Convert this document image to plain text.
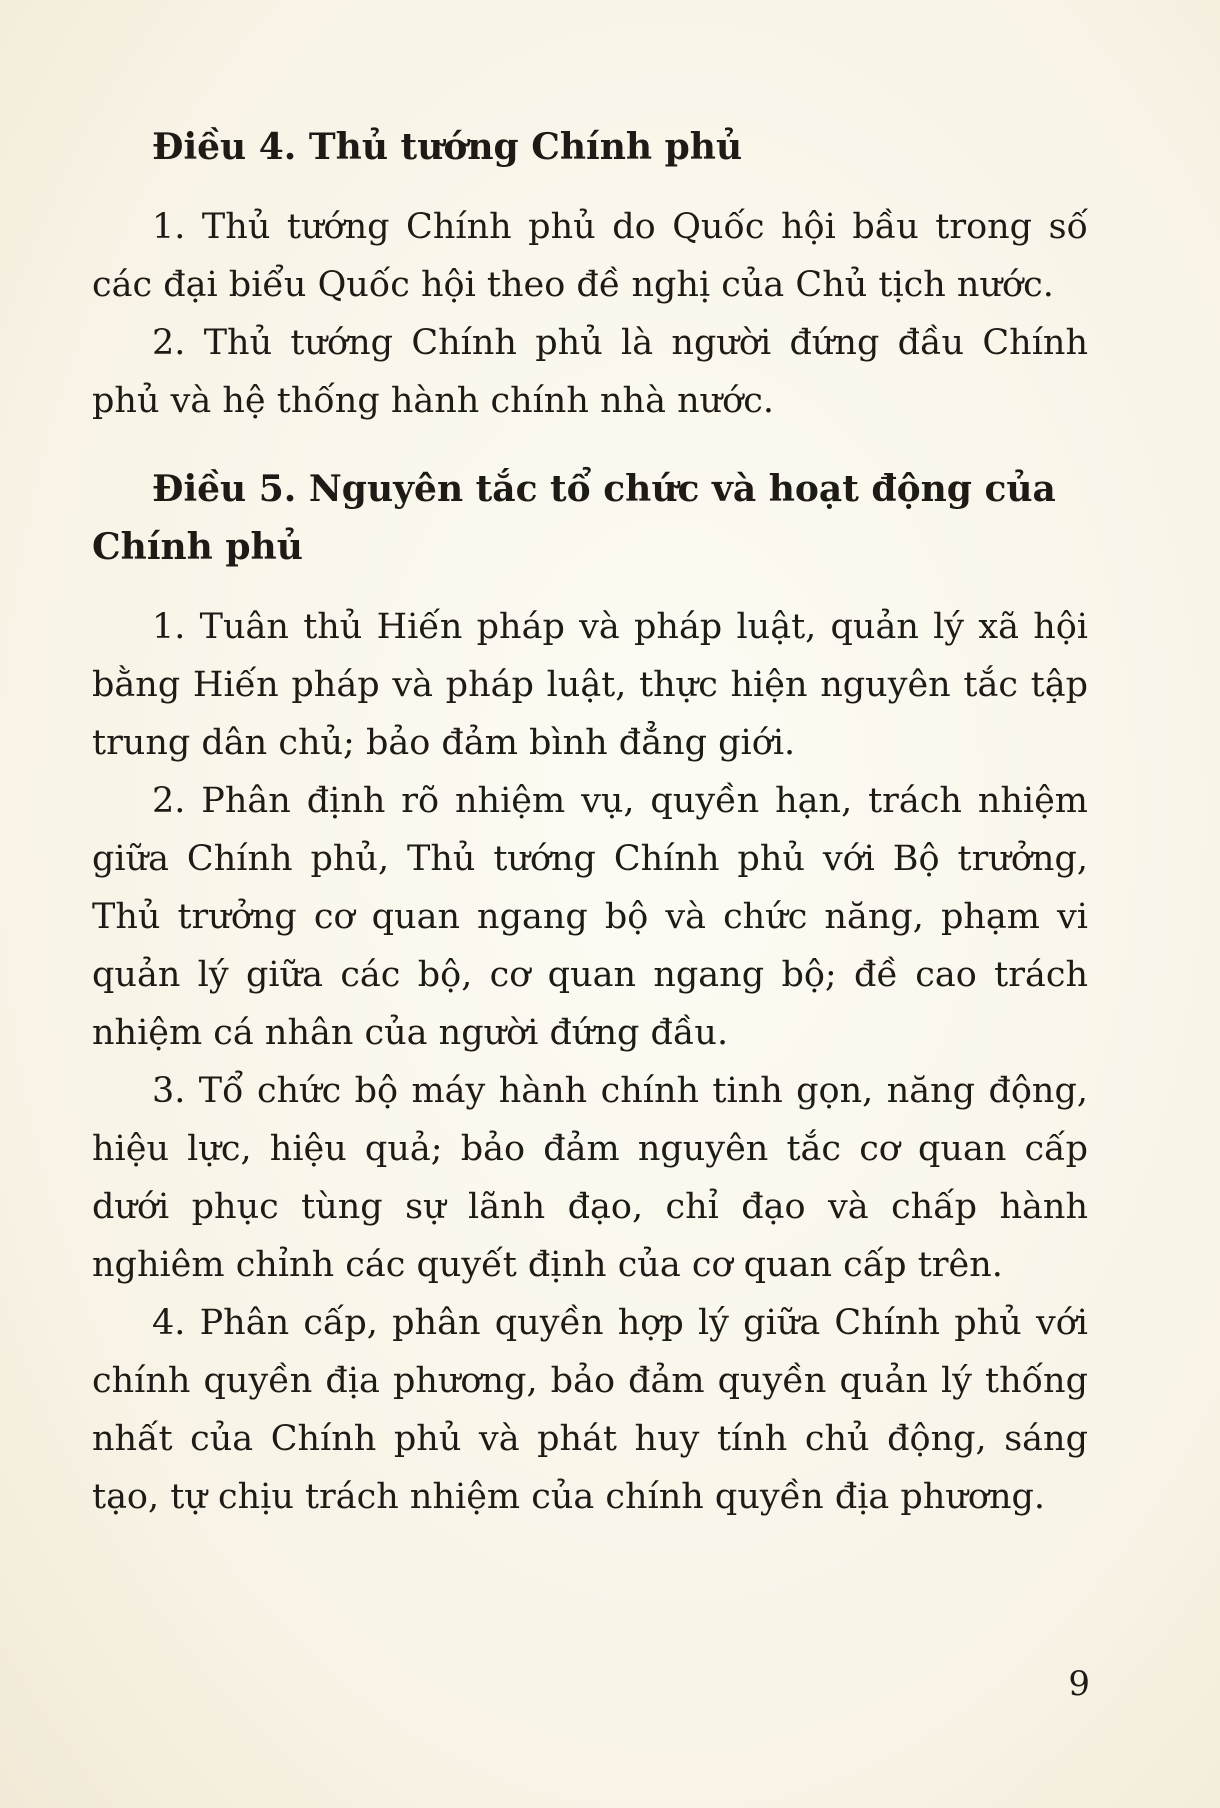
Điều 4. Thủ tướng Chính phủ

1. Thủ tướng Chính phủ do Quốc hội bầu trong số các đại biểu Quốc hội theo đề nghị của Chủ tịch nước.

2. Thủ tướng Chính phủ là người đứng đầu Chính phủ và hệ thống hành chính nhà nước.

Điều 5. Nguyên tắc tổ chức và hoạt động của Chính phủ

1. Tuân thủ Hiến pháp và pháp luật, quản lý xã hội bằng Hiến pháp và pháp luật, thực hiện nguyên tắc tập trung dân chủ; bảo đảm bình đẳng giới.

2. Phân định rõ nhiệm vụ, quyền hạn, trách nhiệm giữa Chính phủ, Thủ tướng Chính phủ với Bộ trưởng, Thủ trưởng cơ quan ngang bộ và chức năng, phạm vi quản lý giữa các bộ, cơ quan ngang bộ; đề cao trách nhiệm cá nhân của người đứng đầu.

3. Tổ chức bộ máy hành chính tinh gọn, năng động, hiệu lực, hiệu quả; bảo đảm nguyên tắc cơ quan cấp dưới phục tùng sự lãnh đạo, chỉ đạo và chấp hành nghiêm chỉnh các quyết định của cơ quan cấp trên.

4. Phân cấp, phân quyền hợp lý giữa Chính phủ với chính quyền địa phương, bảo đảm quyền quản lý thống nhất của Chính phủ và phát huy tính chủ động, sáng tạo, tự chịu trách nhiệm của chính quyền địa phương.

9
